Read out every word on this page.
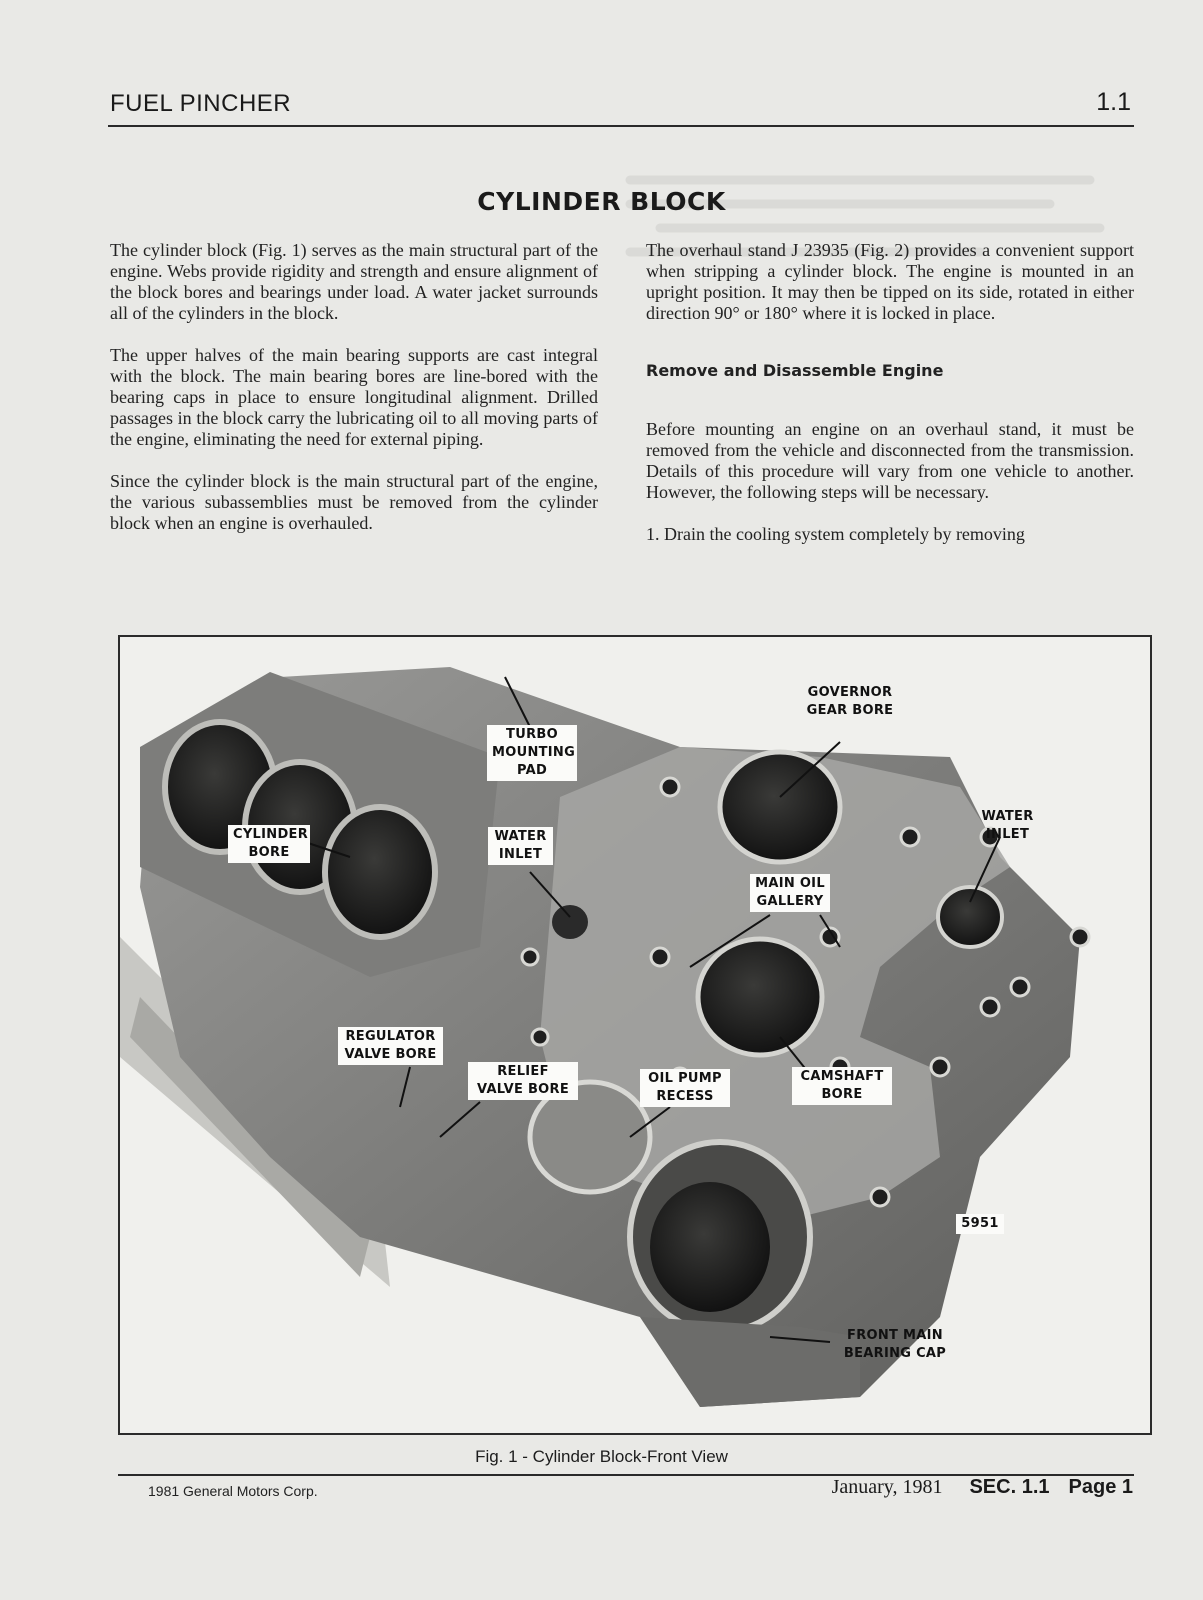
FUEL PINCHER	1.1
CYLINDER BLOCK

The cylinder block (Fig. 1) serves as the main structural part of the engine. Webs provide rigidity and strength and ensure alignment of the block bores and bearings under load. A water jacket surrounds all of the cylinders in the block.

The upper halves of the main bearing supports are cast integral with the block. The main bearing bores are line-bored with the bearing caps in place to ensure longitudinal alignment. Drilled passages in the block carry the lubricating oil to all moving parts of the engine, eliminating the need for external piping.

Since the cylinder block is the main structural part of the engine, the various subassemblies must be removed from the cylinder block when an engine is overhauled.

The overhaul stand J 23935 (Fig. 2) provides a convenient support when stripping a cylinder block. The engine is mounted in an upright position. It may then be tipped on its side, rotated in either direction 90° or 180° where it is locked in place.

Remove and Disassemble Engine

Before mounting an engine on an overhaul stand, it must be removed from the vehicle and disconnected from the transmission. Details of this procedure will vary from one vehicle to another. However, the following steps will be necessary.

1. Drain the cooling system completely by removing

TURBO MOUNTING PAD
GOVERNOR GEAR BORE
CYLINDER BORE
WATER INLET
WATER INLET
MAIN OIL GALLERY
REGULATOR VALVE BORE
RELIEF VALVE BORE
OIL PUMP RECESS
CAMSHAFT BORE
FRONT MAIN BEARING CAP
5951
Fig. 1 - Cylinder Block-Front View
1981 General Motors Corp.	January, 1981 SEC. 1.1 Page 1
